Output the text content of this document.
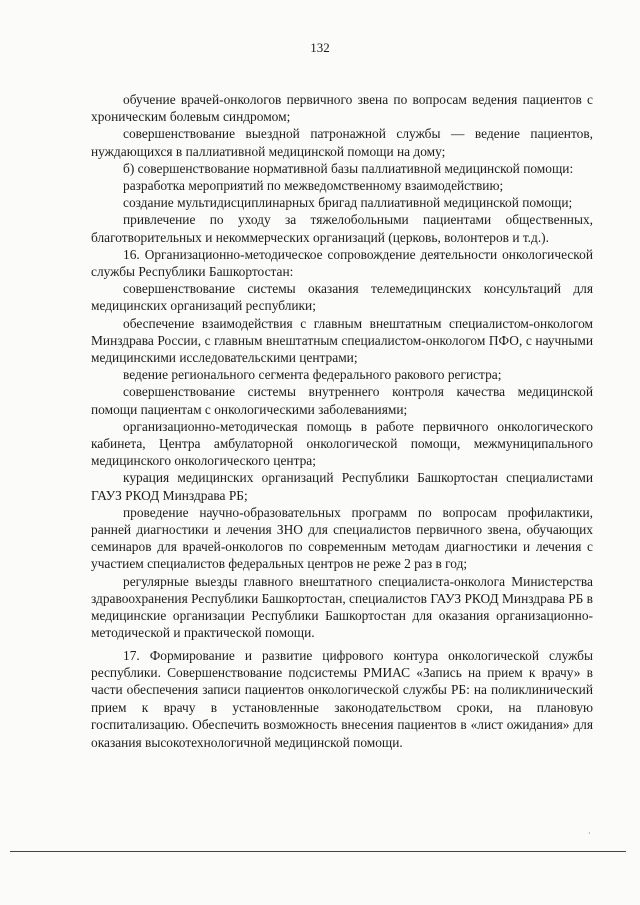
132

обучение врачей-онкологов первичного звена по вопросам ведения пациентов с хроническим болевым синдромом;

совершенствование выездной патронажной службы — ведение пациентов, нуждающихся в паллиативной медицинской помощи на дому;

б) совершенствование нормативной базы паллиативной медицинской помощи:

разработка мероприятий по межведомственному взаимодействию;

создание мультидисциплинарных бригад паллиативной медицинской помощи;

привлечение по уходу за тяжелобольными пациентами общественных, благотворительных и некоммерческих организаций (церковь, волонтеров и т.д.).

16. Организационно-методическое сопровождение деятельности онкологической службы Республики Башкортостан:

совершенствование системы оказания телемедицинских консультаций для медицинских организаций республики;

обеспечение взаимодействия с главным внештатным специалистом-онкологом Минздрава России, с главным внештатным специалистом-онкологом ПФО, с научными медицинскими исследовательскими центрами;

ведение регионального сегмента федерального ракового регистра;

совершенствование системы внутреннего контроля качества медицинской помощи пациентам с онкологическими заболеваниями;

организационно-методическая помощь в работе первичного онкологического кабинета, Центра амбулаторной онкологической помощи, межмуниципального медицинского онкологического центра;

курация медицинских организаций Республики Башкортостан специалистами ГАУЗ РКОД Минздрава РБ;

проведение научно-образовательных программ по вопросам профилактики, ранней диагностики и лечения ЗНО для специалистов первичного звена, обучающих семинаров для врачей-онкологов по современным методам диагностики и лечения с участием специалистов федеральных центров не реже 2 раз в год;

регулярные выезды главного внештатного специалиста-онколога Министерства здравоохранения Республики Башкортостан, специалистов ГАУЗ РКОД Минздрава РБ в медицинские организации Республики Башкортостан для оказания организационно-методической и практической помощи.

17. Формирование и развитие цифрового контура онкологической службы республики. Совершенствование подсистемы РМИАС «Запись на прием к врачу» в части обеспечения записи пациентов онкологической службы РБ: на поликлинический прием к врачу в установленные законодательством сроки, на плановую госпитализацию. Обеспечить возможность внесения пациентов в «лист ожидания» для оказания высокотехнологичной медицинской помощи.

·
